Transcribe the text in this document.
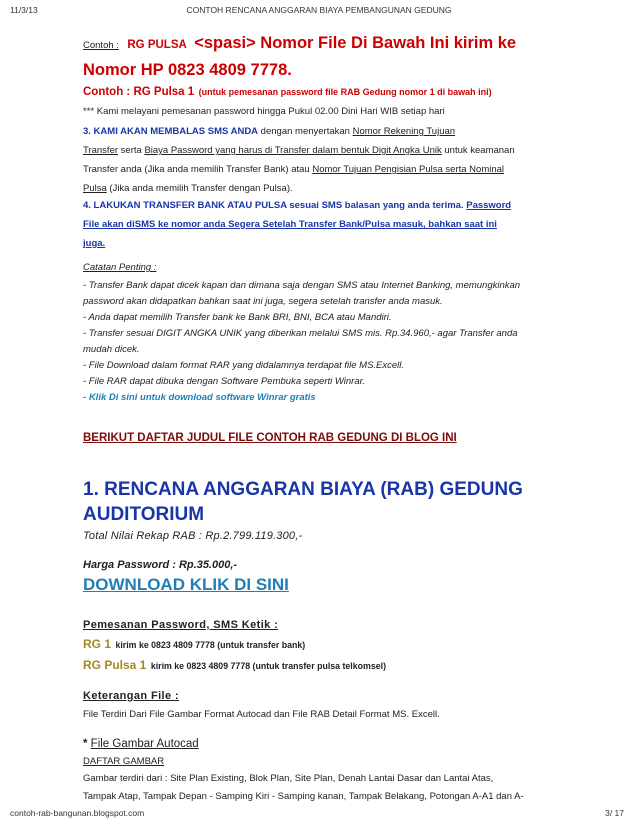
11/3/13	CONTOH RENCANA ANGGARAN BIAYA PEMBANGUNAN GEDUNG
Contoh : RG PULSA <spasi> Nomor File Di Bawah Ini kirim ke
Nomor HP 0823 4809 7778.
Contoh : RG Pulsa 1 (untuk pemesanan password file RAB Gedung nomor 1 di bawah ini)
*** Kami melayani pemesanan password hingga Pukul 02.00 Dini Hari WIB setiap hari
3. KAMI AKAN MEMBALAS SMS ANDA dengan menyertakan Nomor Rekening Tujuan
Transfer serta Biaya Password yang harus di Transfer dalam bentuk Digit Angka Unik untuk keamanan
Transfer anda (Jika anda memilih Transfer Bank) atau Nomor Tujuan Pengisian Pulsa serta Nominal
Pulsa (Jika anda memilih Transfer dengan Pulsa).
4. LAKUKAN TRANSFER BANK ATAU PULSA sesuai SMS balasan yang anda terima. Password
File akan diSMS ke nomor anda Segera Setelah Transfer Bank/Pulsa masuk, bahkan saat ini
juga.
Catatan Penting :
- Transfer Bank dapat dicek kapan dan dimana saja dengan SMS atau Internet Banking, memungkinkan
password akan didapatkan bahkan saat ini juga, segera setelah transfer anda masuk.
- Anda dapat memilih Transfer bank ke Bank BRI, BNI, BCA atau Mandiri.
- Transfer sesuai DIGIT ANGKA UNIK yang diberikan melalui SMS mis. Rp.34.960,- agar Transfer anda
mudah dicek.
- File Download dalam format RAR yang didalamnya terdapat file MS.Excell.
- File RAR dapat dibuka dengan Software Pembuka seperti Winrar.
- Klik Di sini untuk download software Winrar gratis
BERIKUT DAFTAR JUDUL FILE CONTOH RAB GEDUNG DI BLOG INI
1. RENCANA ANGGARAN BIAYA (RAB) GEDUNG
AUDITORIUM
Total Nilai Rekap RAB : Rp.2.799.119.300,-
Harga Password : Rp.35.000,-
DOWNLOAD KLIK DI SINI
Pemesanan Password, SMS Ketik :
RG 1 kirim ke 0823 4809 7778 (untuk transfer bank)
RG Pulsa 1 kirim ke 0823 4809 7778 (untuk transfer pulsa telkomsel)
Keterangan File :
File Terdiri Dari File Gambar Format Autocad dan File RAB Detail Format MS. Excell.
* File Gambar Autocad
DAFTAR GAMBAR
Gambar terdiri dari : Site Plan Existing, Blok Plan, Site Plan, Denah Lantai Dasar dan Lantai Atas,
Tampak Atap, Tampak Depan - Samping Kiri - Samping kanan, Tampak Belakang, Potongan A-A1 dan A-
contoh-rab-bangunan.blogspot.com	3/ 17
